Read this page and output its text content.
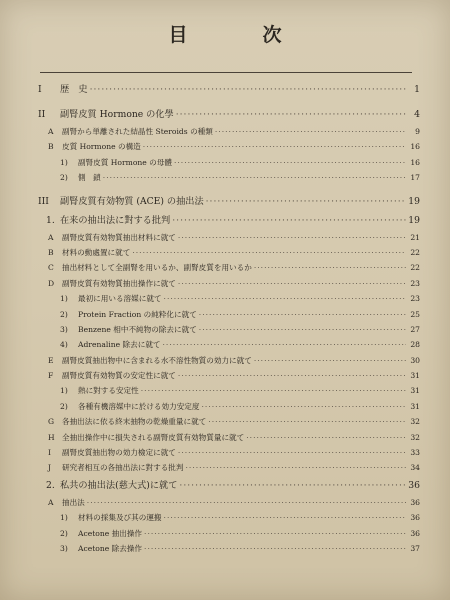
目　次
I	歴　史 ·····	1
II	副腎皮質 Hormone の化學 ·····	4
A	副腎から単離された結晶性 Steroids の種類 ·····	9
B	皮質 Hormone の構造 ·····	16
1)	副腎皮質 Hormone の母體 ·····	16
2)	側　鎖 ·····	17
III	副腎皮質有効物質 (ACE) の抽出法 ·····	19
1. 在来の抽出法に對する批判 ·····	19
A	副腎皮質有効物質抽出材料に就て ·····	21
B	材料の動處置に就て ·····	22
C	抽出材料として全副腎を用いるか、副腎皮質を用いるか ·····	22
D	副腎皮質有効物質抽出操作に就て ·····	23
1)	最初に用いる溶媒に就て ·····	23
2)	Protein Fraction の純粋化に就て ·····	25
3)	Benzene 相中不純物の除去に就て ·····	27
4)	Adrenaline 除去に就て ·····	28
E	副腎皮質抽出物中に含まれる水不溶性物質の効力に就て ·····	30
F	副腎皮質有効物質の安定性に就て ·····	31
1)	熱に對する安定性 ·····	31
2)	各種有機溶媒中に於ける効力安定度 ·····	31
G	各抽出法に依る終末抽物の乾燥重量に就て ·····	32
H 全抽出操作中に損失される副腎皮質有効物質量に就て ·····	32
I	副腎皮質抽出物の効力檢定に就て ·····	33
J	研究者相互の各抽出法に對する批判 ·····	34
2. 私共の抽出法(慈大式)に就て ·····	36
A	抽出法 ·····	36
1)	材料の採集及び其の運搬 ·····	36
2)	Acetone 抽出操作 ·····	36
3)	Acetone 除去操作 ·····	37
